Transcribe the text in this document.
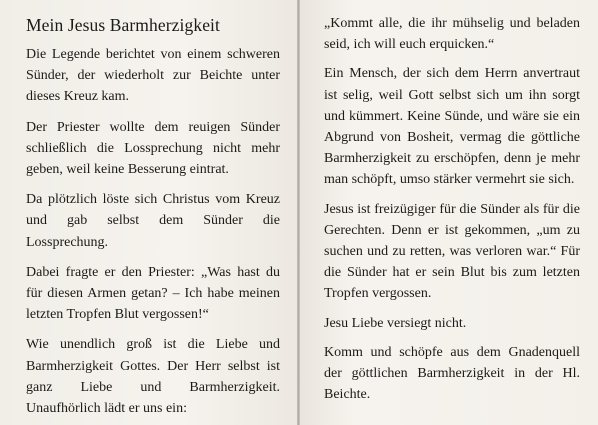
Mein Jesus Barmherzigkeit

Die Legende berichtet von einem schweren Sünder, der wiederholt zur Beichte unter dieses Kreuz kam.

Der Priester wollte dem reuigen Sünder schließlich die Lossprechung nicht mehr geben, weil keine Besserung eintrat.

Da plötzlich löste sich Christus vom Kreuz und gab selbst dem Sünder die Lossprechung.

Dabei fragte er den Priester: „Was hast du für diesen Armen getan? – Ich habe meinen letzten Tropfen Blut vergossen!“

Wie unendlich groß ist die Liebe und Barmherzigkeit Gottes. Der Herr selbst ist ganz Liebe und Barmherzigkeit. Unaufhörlich lädt er uns ein:

„Kommt alle, die ihr mühselig und beladen seid, ich will euch erquicken.“

Ein Mensch, der sich dem Herrn anvertraut ist selig, weil Gott selbst sich um ihn sorgt und kümmert. Keine Sünde, und wäre sie ein Abgrund von Bosheit, vermag die göttliche Barmherzigkeit zu erschöpfen, denn je mehr man schöpft, umso stärker vermehrt sie sich.

Jesus ist freizügiger für die Sünder als für die Gerechten. Denn er ist gekommen, „um zu suchen und zu retten, was verloren war.“ Für die Sünder hat er sein Blut bis zum letzten Tropfen vergossen.

Jesu Liebe versiegt nicht.

Komm und schöpfe aus dem Gnadenquell der göttlichen Barmherzigkeit in der Hl. Beichte.
